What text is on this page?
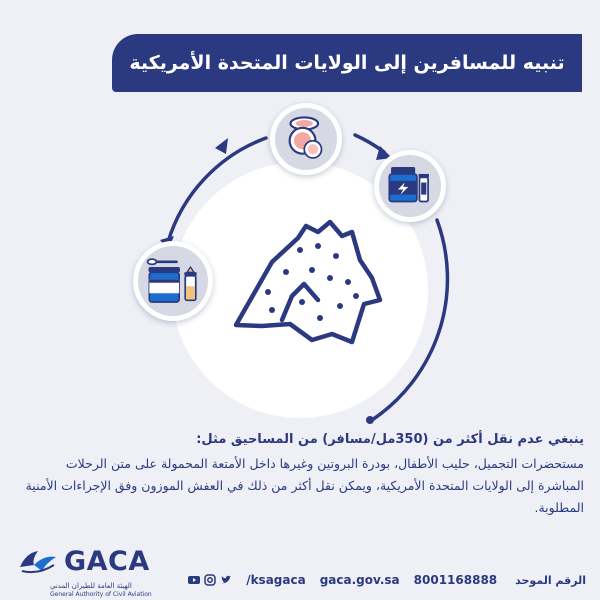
تنبيه للمسافرين إلى الولايات المتحدة الأمريكية
ينبغي عدم نقل أكثر من (350مل/مسافر) من المساحيق مثل:
مستحضرات التجميل، حليب الأطفال، بودرة البروتين وغيرها داخل الأمتعة المحمولة على متن الرحلات المباشرة إلى الولايات المتحدة الأمريكية، ويمكن نقل أكثر من ذلك في العفش الموزون وفق الإجراءات الأمنية المطلوبة.
GACA
الهيئة العامة للطيران المدني
General Authority of Civil Aviation
الرقم الموحد
8001168888
gaca.gov.sa
/ksagaca
